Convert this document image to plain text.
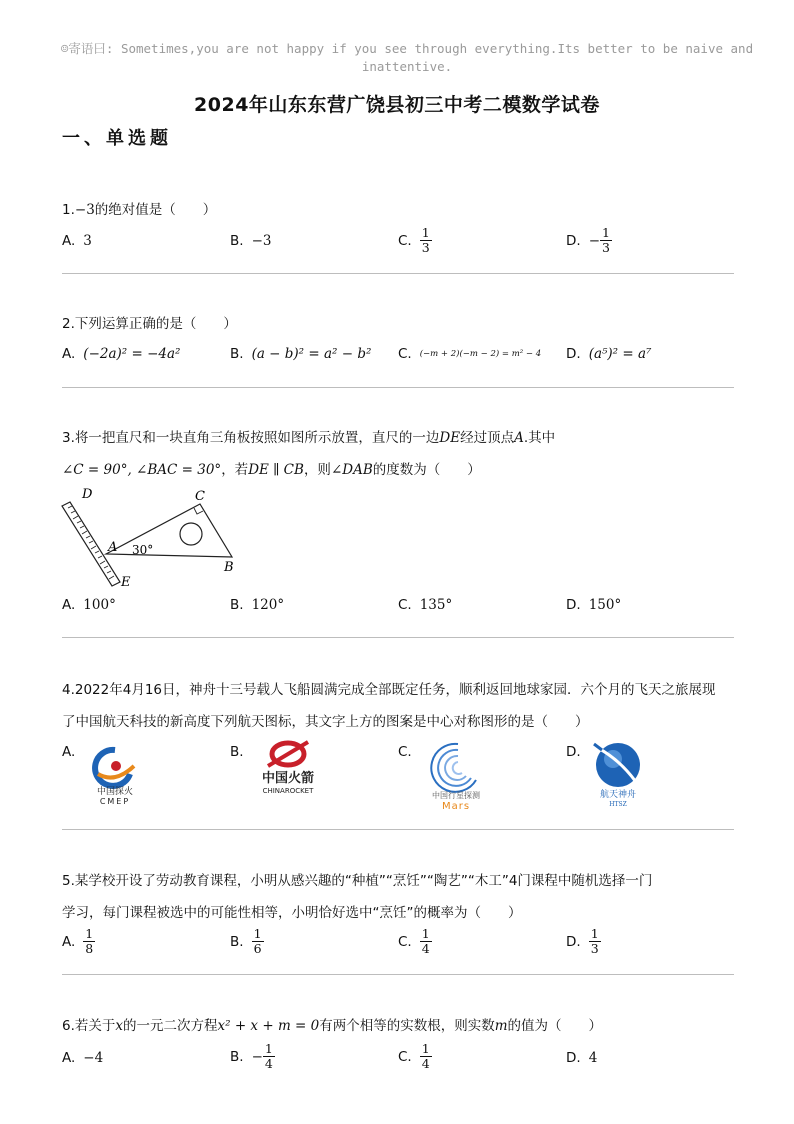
☺寄语曰: Sometimes,you are not happy if you see through everything.Its better to be naive and inattentive.
2024年山东东营广饶县初三中考二模数学试卷
一、单选题
1.−3的绝对值是（　　）
A. 3	B. −3	C. $\frac{1}{3}$	D. − $\frac{1}{3}$
2.下列运算正确的是（　　）
A. (−2a)² = −4a²	B. (a − b)² = a² − b² C. (−m + 2)(−m − 2) = m² − 4 D. (a⁵)² = a⁷
3.将一把直尺和一块直角三角板按照如图所示放置，直尺的一边DE经过顶点A.其中
∠C = 90°, ∠BAC = 30°，若DE ∥ CB，则∠DAB的度数为（　　）
D	C
A 30°
B
E
A. 100°	B. 120°	C. 135°	D. 150°
4.2022年4月16日，神舟十三号载人飞船圆满完成全部既定任务，顺利返回地球家园．六个月的飞天之旅展现
了中国航天科技的新高度下列航天图标，其文字上方的图案是中心对称图形的是（　　）
A.
中国探火
CMEP
B.
中国火箭
CHINAROCKET
C.
中国行星探测
Mars
D.
航天神舟
HTSZ
5.某学校开设了劳动教育课程，小明从感兴趣的“种植”“烹饪”“陶艺”“木工”4门课程中随机选择一门
学习，每门课程被选中的可能性相等，小明恰好选中“烹饪”的概率为（　　）
A. $\frac{1}{8}$	B. $\frac{1}{6}$	C. $\frac{1}{4}$	D. $\frac{1}{3}$
6.若关于x的一元二次方程x² + x + m = 0有两个相等的实数根，则实数m的值为（　　）
A. −4	B. − $\frac{1}{4}$	C. $\frac{1}{4}$	D. 4
